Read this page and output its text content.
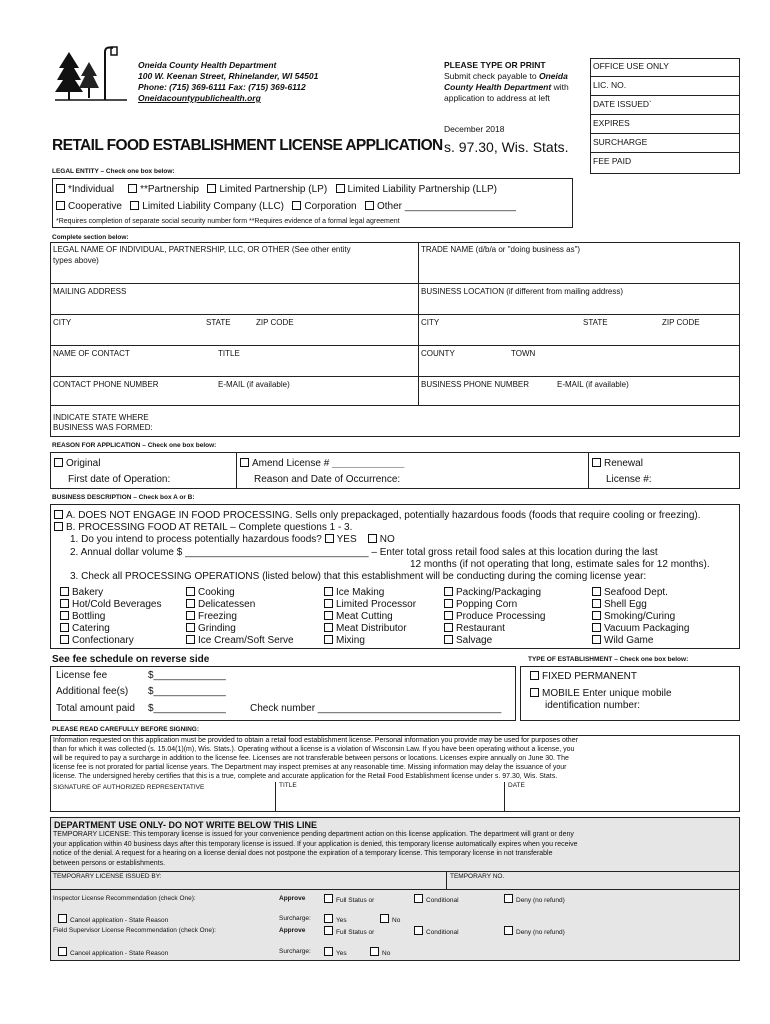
Oneida County Health Department
100 W. Keenan Street, Rhinelander, WI 54501
Phone: (715) 369-6111 Fax: (715) 369-6112
Oneidacountypublichealth.org
PLEASE TYPE OR PRINT
Submit check payable to Oneida
County Health Department with
application to address at left
December 2018
OFFICE USE ONLY
LIC. NO.
DATE ISSUED`
EXPIRES
SURCHARGE
FEE PAID
RETAIL FOOD ESTABLISHMENT LICENSE APPLICATION s. 97.30, Wis. Stats.
LEGAL ENTITY – Check one box below:
*Individual	**Partnership Limited Partnership (LP) Limited Liability Partnership (LLP)
Cooperative Limited Liability Company (LLC) Corporation Other ____________________
*Requires completion of separate social security number form **Requires evidence of a formal legal agreement
Complete section below:
LEGAL NAME OF INDIVIDUAL, PARTNERSHIP, LLC, OR OTHER (See other entity
types above)
TRADE NAME (d/b/a or "doing business as")
MAILING ADDRESS	BUSINESS LOCATION (if different from mailing address)
CITY	STATE	ZIP CODE	CITY	STATE	ZIP CODE
NAME OF CONTACT	TITLE	COUNTY	TOWN
CONTACT PHONE NUMBER	E-MAIL (if available)	BUSINESS PHONE NUMBER	E-MAIL (if available)
INDICATE STATE WHERE
BUSINESS WAS FORMED:
REASON FOR APPLICATION – Check one box below:
Original
First date of Operation:
Amend License # _____________
Reason and Date of Occurrence:
Renewal
License #:
BUSINESS DESCRIPTION – Check box A or B:
A. DOES NOT ENGAGE IN FOOD PROCESSING. Sells only prepackaged, potentially hazardous foods (foods that require cooling or freezing).
B. PROCESSING FOOD AT RETAIL – Complete questions 1 - 3.
1. Do you intend to process potentially hazardous foods? YES NO
2. Annual dollar volume $ _________________________________ – Enter total gross retail food sales at this location during the last
12 months (if not operating that long, estimate sales for 12 months).
3. Check all PROCESSING OPERATIONS (listed below) that this establishment will be conducting during the coming license year:
Bakery
Hot/Cold Beverages
Bottling
Catering
Confectionary
Cooking
Delicatessen
Freezing
Grinding
Ice Cream/Soft Serve
Ice Making
Limited Processor
Meat Cutting
Meat Distributor
Mixing
Packing/Packaging
Popping Corn
Produce Processing
Restaurant
Salvage
Seafood Dept.
Shell Egg
Smoking/Curing
Vacuum Packaging
Wild Game
See fee schedule on reverse side
License fee	$_____________
Additional fee(s) $_____________
Total amount paid $_____________ Check number _________________________________
TYPE OF ESTABLISHMENT – Check one box below:
FIXED PERMANENT
MOBILE Enter unique mobile
identification number:
PLEASE READ CAREFULLY BEFORE SIGNING:
Information requested on this application must be provided to obtain a retail food establishment license. Personal information you provide may be used for purposes other
than for which it was collected (s. 15.04(1)(m), Wis. Stats.). Operating without a license is a violation of Wisconsin Law. If you have been operating without a license, you
will be required to pay a surcharge in addition to the license fee. Licenses are not transferable between persons or locations. Licenses expire annually on June 30. The
license fee is not prorated for partial license years. The Department may inspect premises at any reasonable time. Missing information may delay the issuance of your
license. The undersigned hereby certifies that this is a true, complete and accurate application for the Retail Food Establishment license under s. 97.30, Wis. Stats.
SIGNATURE OF AUTHORIZED REPRESENTATIVE	TITLE	DATE
DEPARTMENT USE ONLY- DO NOT WRITE BELOW THIS LINE
TEMPORARY LICENSE: This temporary license is issued for your convenience pending department action on this license application. The department will grant or deny
your application within 40 business days after this temporary license is issued. If your application is denied, this temporary license automatically expires when you receive
notice of the denial. A request for a hearing on a license denial does not postpone the expiration of a temporary license. This temporary license in not transferable
between persons or establishments.
TEMPORARY LICENSE ISSUED BY:	TEMPORARY NO.
Inspector License Recommendation (check One):	Approve	Full Status or	Conditional	Deny (no refund)
Cancel application - State Reason	Surcharge:	Yes	No
Field Supervisor License Recommendation (check One):	Approve	Full Status or	Conditional	Deny (no refund)
Cancel application - State Reason	Surcharge:	Yes	No
